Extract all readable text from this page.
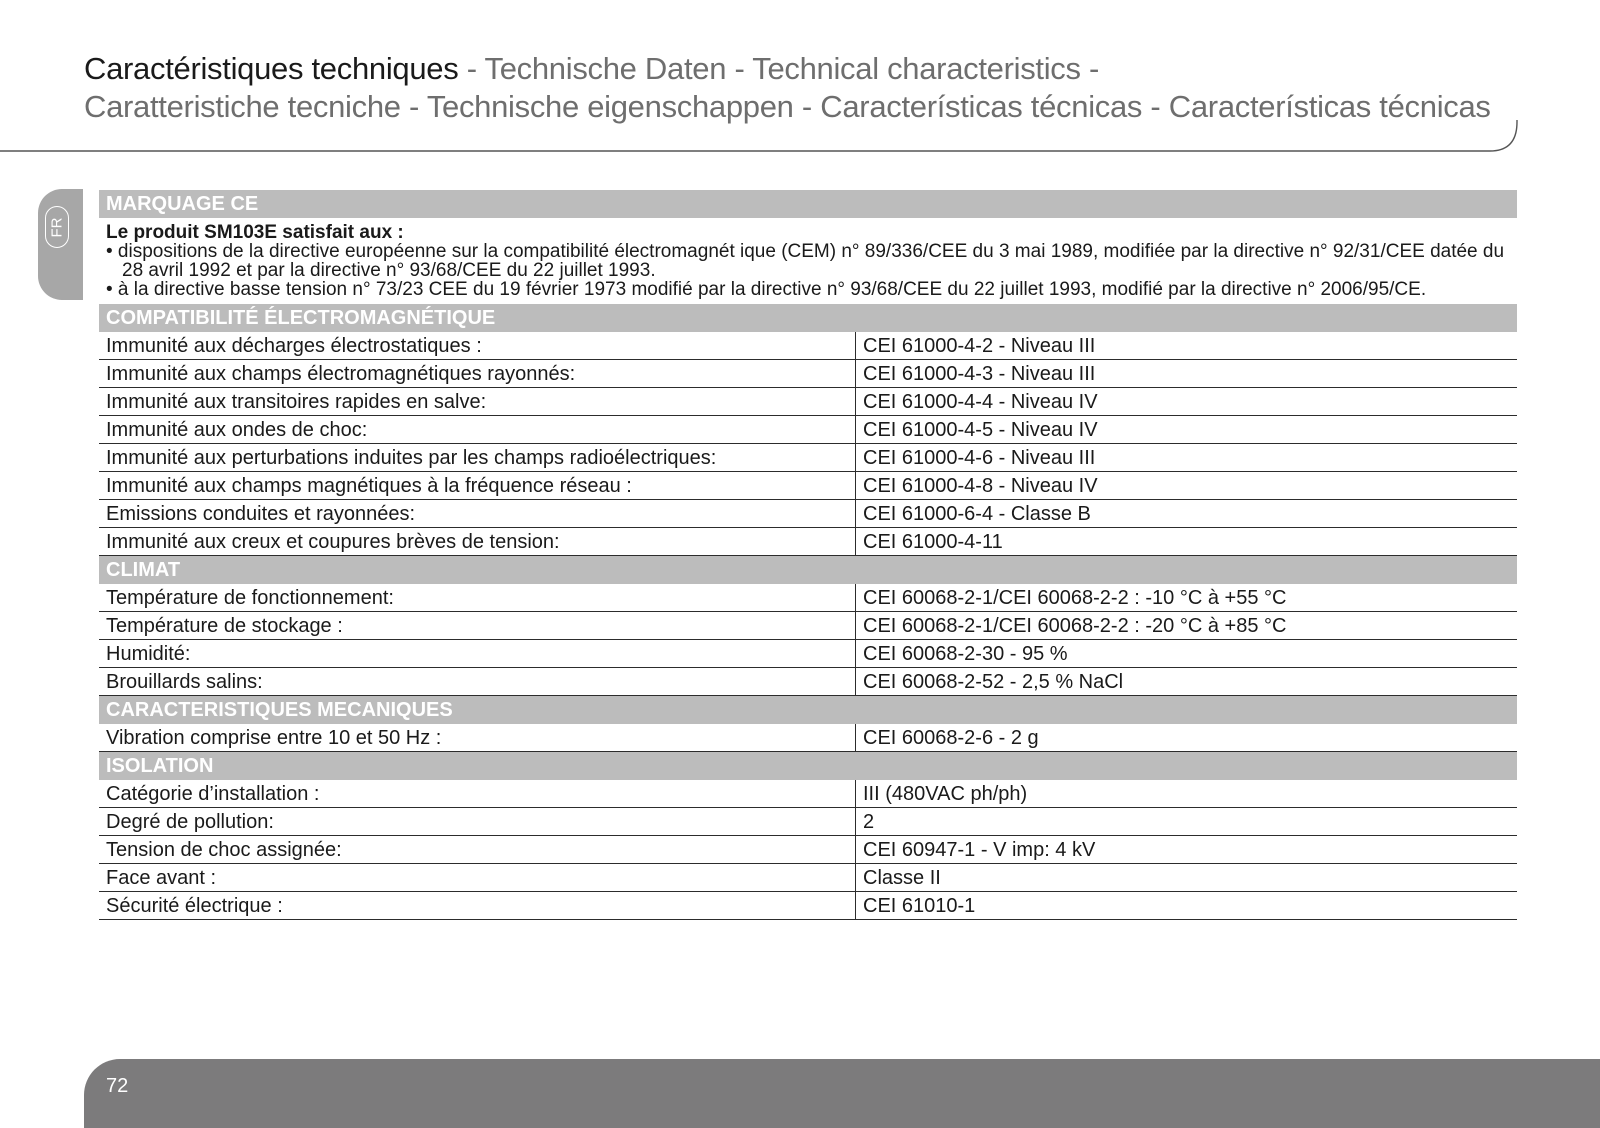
Caractéristiques techniques - Technische Daten - Technical characteristics -
Caratteristiche tecniche - Technische eigenschappen - Características técnicas - Características técnicas
FR
MARQUAGE CE
Le produit SM103E satisfait aux :
• dispositions de la directive européenne sur la compatibilité électromagnét ique (CEM) n° 89/336/CEE du 3 mai 1989, modifiée par la directive n° 92/31/CEE datée du 28 avril 1992 et par la directive n° 93/68/CEE du 22 juillet 1993.
• à la directive basse tension n° 73/23 CEE du 19 février 1973 modifié par la directive n° 93/68/CEE du 22 juillet 1993, modifié par la directive n° 2006/95/CE.
COMPATIBILITÉ ÉLECTROMAGNÉTIQUE
Immunité aux décharges électrostatiques :	CEI 61000-4-2 - Niveau III
Immunité aux champs électromagnétiques rayonnés:	CEI 61000-4-3 - Niveau III
Immunité aux transitoires rapides en salve:	CEI 61000-4-4 - Niveau IV
Immunité aux ondes de choc:	CEI 61000-4-5 - Niveau IV
Immunité aux perturbations induites par les champs radioélectriques:	CEI 61000-4-6 - Niveau III
Immunité aux champs magnétiques à la fréquence réseau :	CEI 61000-4-8 - Niveau IV
Emissions conduites et rayonnées:	CEI 61000-6-4 - Classe B
Immunité aux creux et coupures brèves de tension:	CEI 61000-4-11
CLIMAT
Température de fonctionnement:	CEI 60068-2-1/CEI 60068-2-2 : -10 °C à +55 °C
Température de stockage :	CEI 60068-2-1/CEI 60068-2-2 : -20 °C à +85 °C
Humidité:	CEI 60068-2-30 - 95 %
Brouillards salins:	CEI 60068-2-52 - 2,5 % NaCl
CARACTERISTIQUES MECANIQUES
Vibration comprise entre 10 et 50 Hz :	CEI 60068-2-6 - 2 g
ISOLATION
Catégorie d’installation :	III (480VAC ph/ph)
Degré de pollution:	2
Tension de choc assignée:	CEI 60947-1 - V imp: 4 kV
Face avant :	Classe II
Sécurité électrique :	CEI 61010-1
72
